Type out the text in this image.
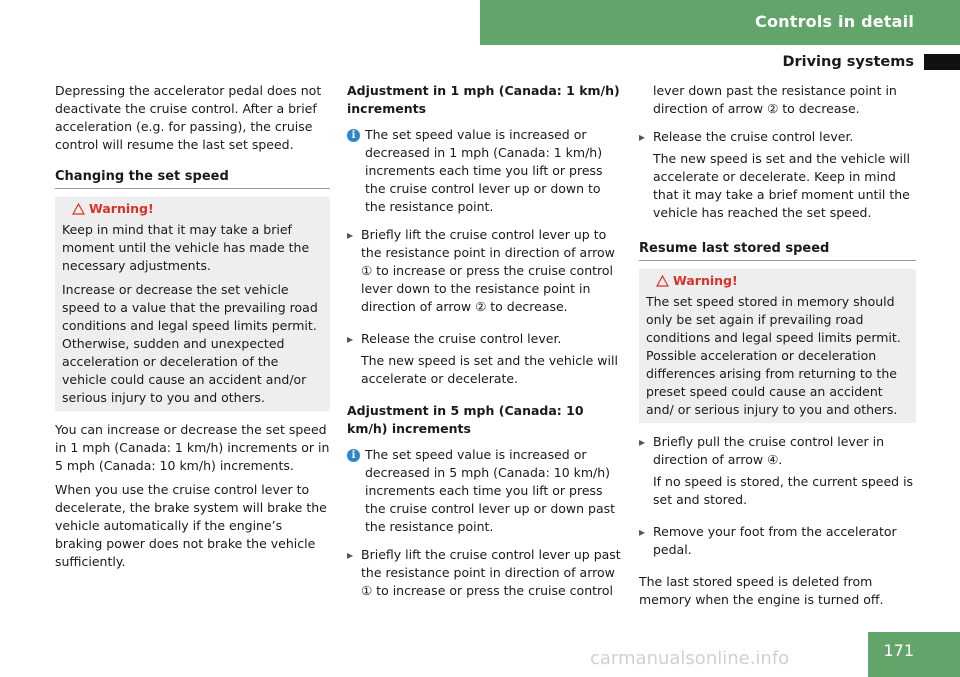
Controls in detail
Driving systems

Depressing the accelerator pedal does not deactivate the cruise control. After a brief acceleration (e.g. for passing), the cruise control will resume the last set speed.

Changing the set speed
Warning!

Keep in mind that it may take a brief moment until the vehicle has made the necessary adjustments.

Increase or decrease the set vehicle speed to a value that the prevailing road conditions and legal speed limits permit. Otherwise, sudden and unexpected acceleration or deceleration of the vehicle could cause an accident and/or serious injury to you and others.

You can increase or decrease the set speed in 1 mph (Canada: 1 km/h) increments or in 5 mph (Canada: 10 km/h) increments.

When you use the cruise control lever to decelerate, the brake system will brake the vehicle automatically if the engine’s braking power does not brake the vehicle sufficiently.

Adjustment in 1 mph (Canada: 1 km/h) increments

i The set speed value is increased or decreased in 1 mph (Canada: 1 km/h) increments each time you lift or press the cruise control lever up or down to the resistance point.
▸ Briefly lift the cruise control lever up to the resistance point in direction of arrow ① to increase or press the cruise control lever down to the resistance point in direction of arrow ② to decrease.

▸ Release the cruise control lever.

The new speed is set and the vehicle will accelerate or decelerate.

Adjustment in 5 mph (Canada: 10 km/h) increments

i The set speed value is increased or decreased in 5 mph (Canada: 10 km/h) increments each time you lift or press the cruise control lever up or down past the resistance point.
▸ Briefly lift the cruise control lever up past the resistance point in direction of arrow ① to increase or press the cruise control

lever down past the resistance point in direction of arrow ② to decrease.

▸ Release the cruise control lever.

The new speed is set and the vehicle will accelerate or decelerate. Keep in mind that it may take a brief moment until the vehicle has reached the set speed.

Resume last stored speed
Warning!

The set speed stored in memory should only be set again if prevailing road conditions and legal speed limits permit. Possible acceleration or deceleration differences arising from returning to the preset speed could cause an accident and/ or serious injury to you and others.

▸ Briefly pull the cruise control lever in direction of arrow ④.

If no speed is stored, the current speed is set and stored.

▸ Remove your foot from the accelerator pedal.

The last stored speed is deleted from memory when the engine is turned off.

171
carmanualsonline.info
